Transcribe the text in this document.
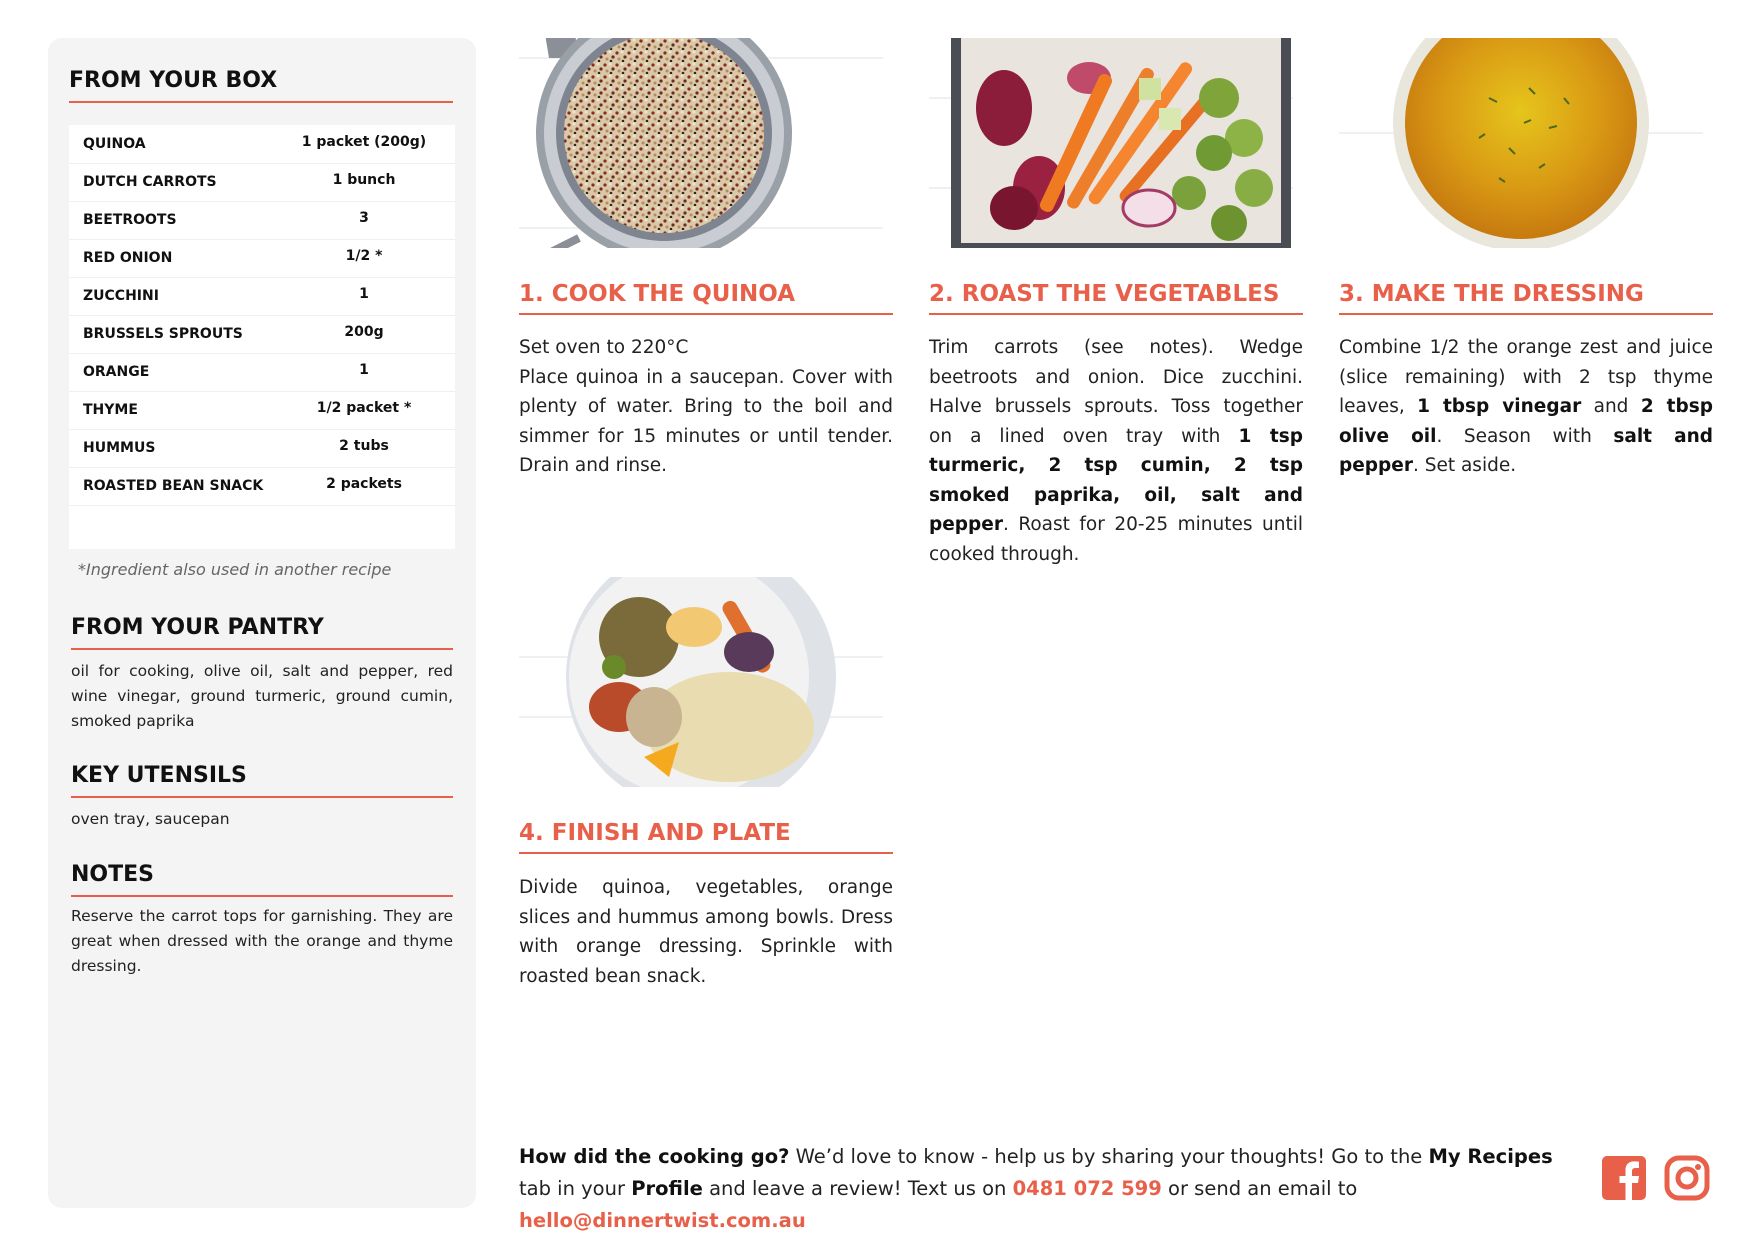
FROM YOUR BOX
QUINOA	1 packet (200g)
DUTCH CARROTS	1 bunch
BEETROOTS	3
RED ONION	1/2 *
ZUCCHINI	1
BRUSSELS SPROUTS	200g
ORANGE	1
THYME	1/2 packet *
HUMMUS	2 tubs
ROASTED BEAN SNACK	2 packets
*Ingredient also used in another recipe
FROM YOUR PANTRY

oil for cooking, olive oil, salt and pepper, red wine vinegar, ground turmeric, ground cumin, smoked paprika

KEY UTENSILS

oven tray, saucepan

NOTES

Reserve the carrot tops for garnishing. They are great when dressed with the orange and thyme dressing.

1. COOK THE QUINOA

Set oven to 220°C
Place quinoa in a saucepan. Cover with plenty of water. Bring to the boil and simmer for 15 minutes or until tender. Drain and rinse.

2. ROAST THE VEGETABLES

Trim carrots (see notes). Wedge beetroots and onion. Dice zucchini. Halve brussels sprouts. Toss together on a lined oven tray with 1 tsp turmeric, 2 tsp cumin, 2 tsp smoked paprika, oil, salt and pepper. Roast for 20-25 minutes until cooked through.

3. MAKE THE DRESSING

Combine 1/2 the orange zest and juice (slice remaining) with 2 tsp thyme leaves, 1 tbsp vinegar and 2 tbsp olive oil. Season with salt and pepper. Set aside.

4. FINISH AND PLATE

Divide quinoa, vegetables, orange slices and hummus among bowls. Dress with orange dressing. Sprinkle with roasted bean snack.

How did the cooking go? We’d love to know - help us by sharing your thoughts! Go to the My Recipes tab in your Profile and leave a review! Text us on 0481 072 599 or send an email to hello@dinnertwist.com.au
